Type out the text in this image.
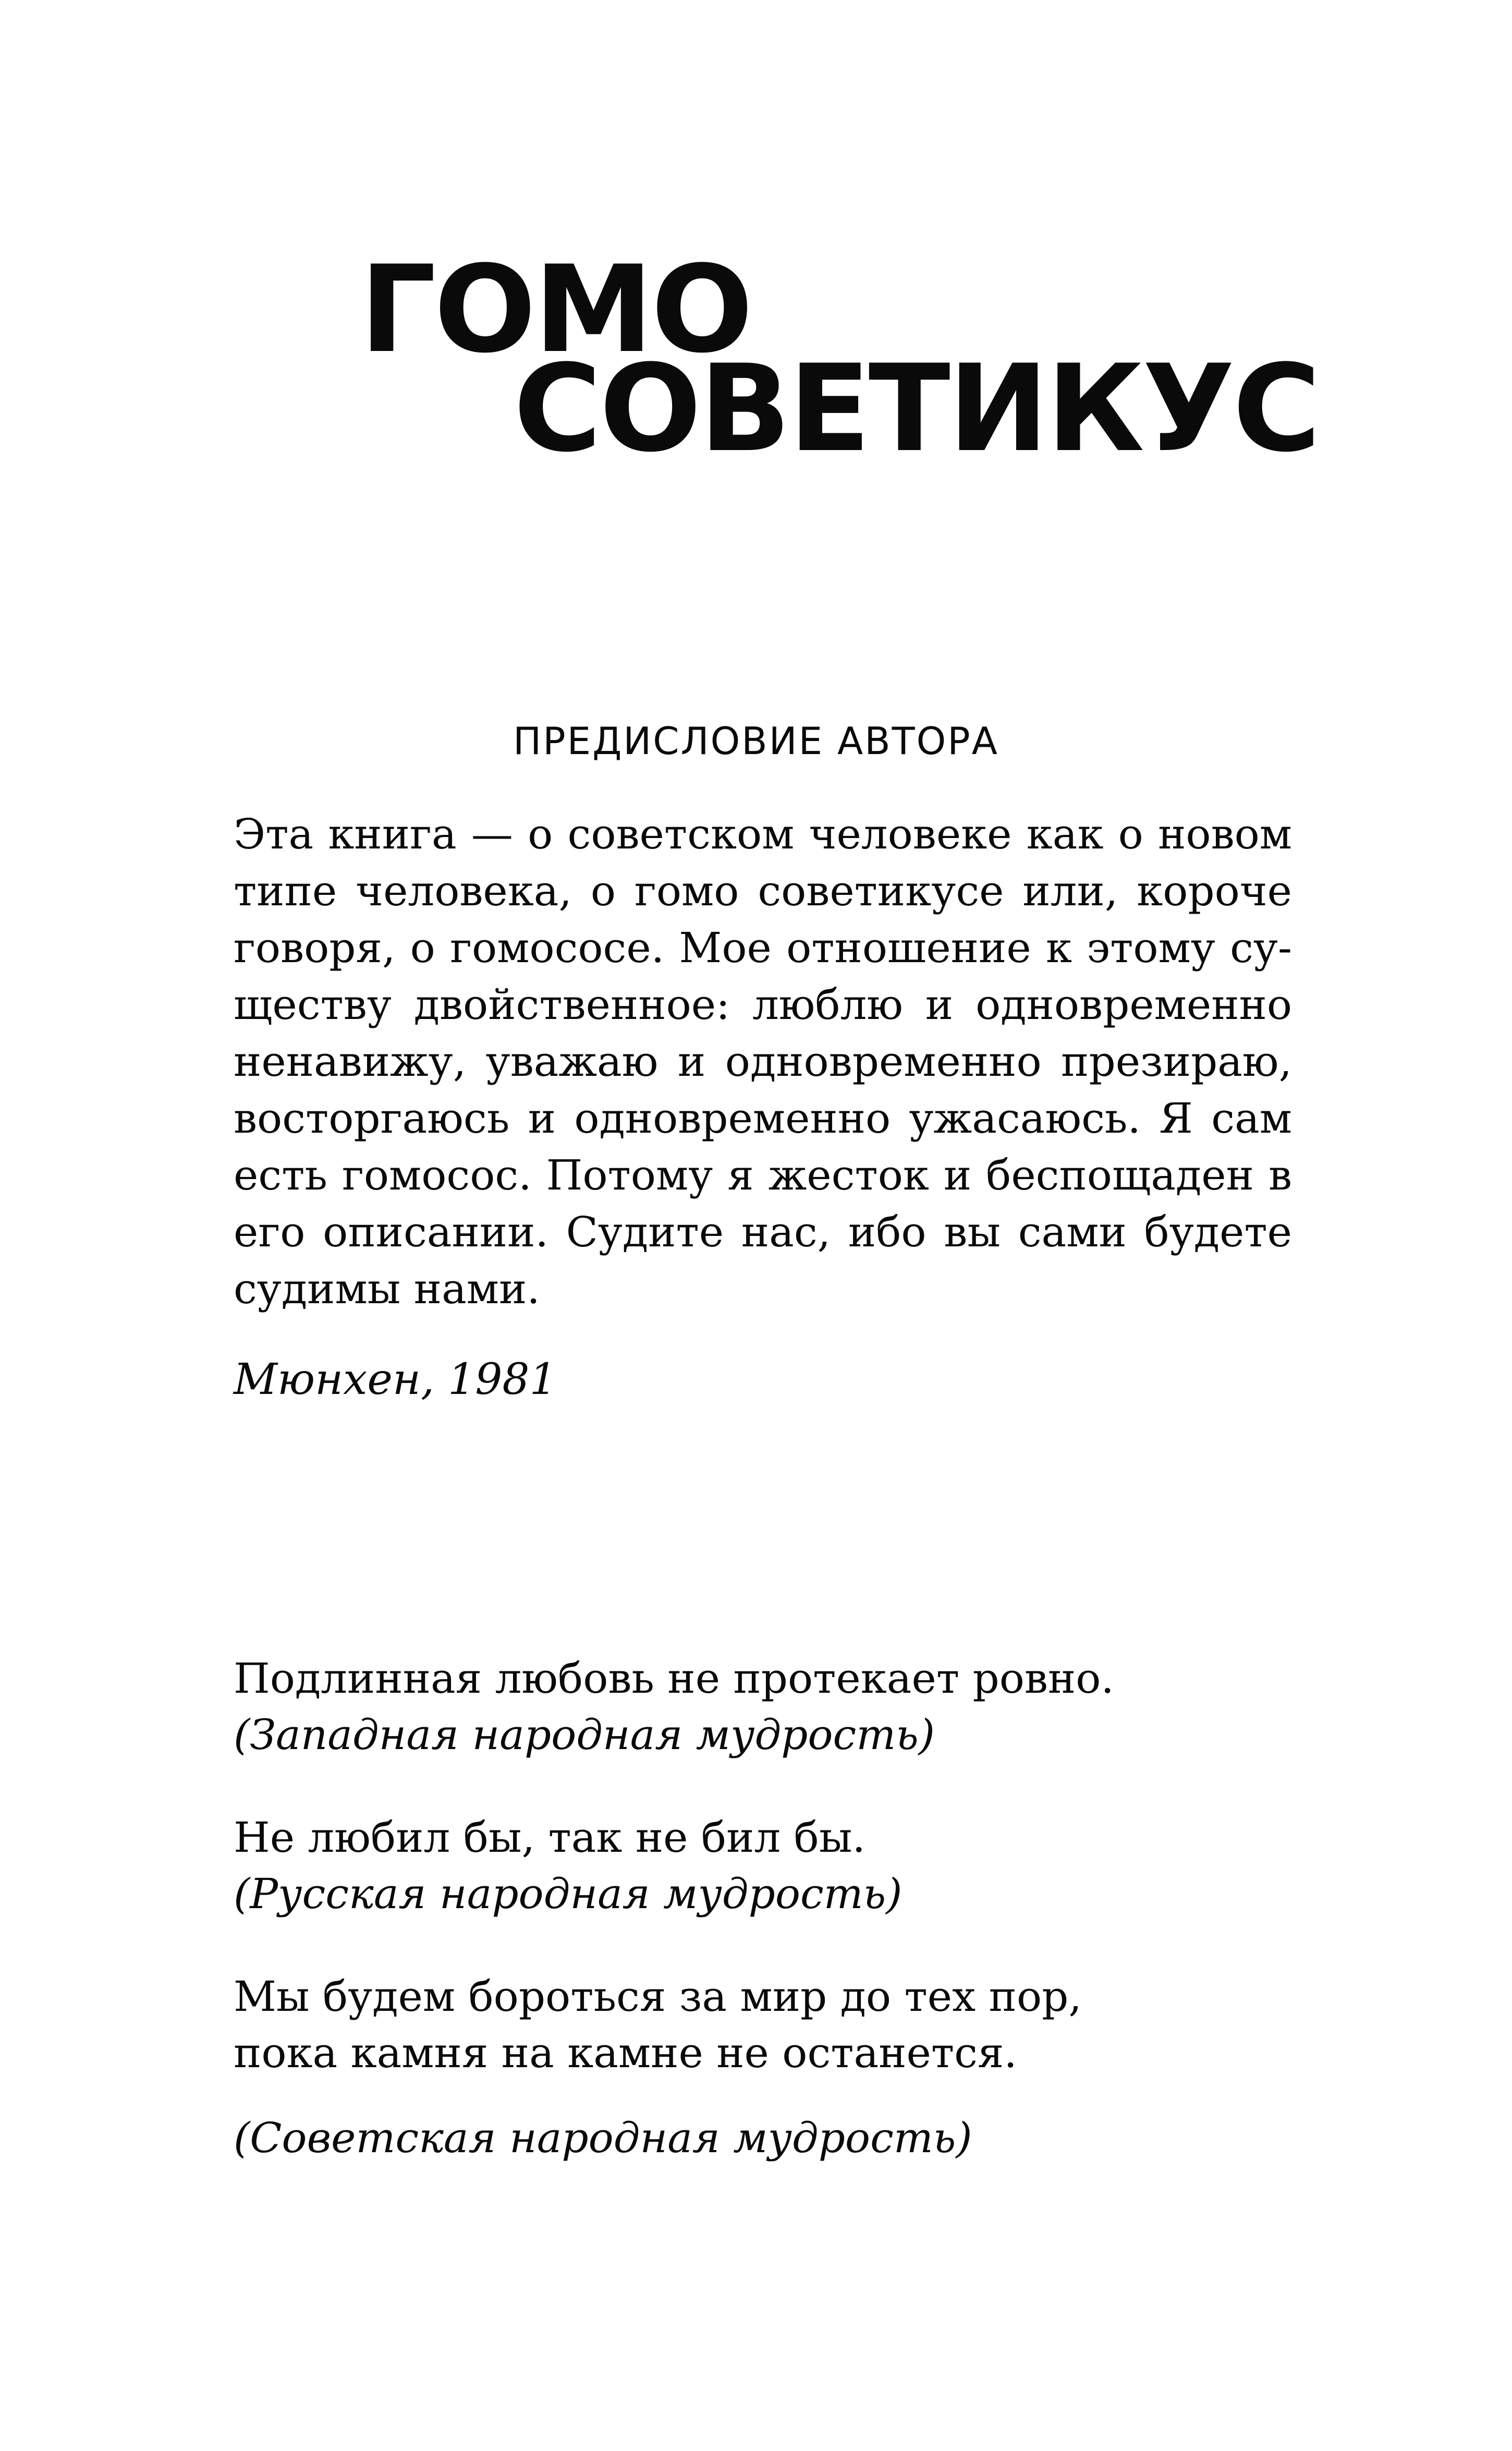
ГОМО
СОВЕТИКУС
ПРЕДИСЛОВИЕ АВТОРА
Эта книга — о советском человеке как о новом
типе человека, о гомо советикусе или, короче
говоря, о гомососе. Мое отношение к этому су-
ществу двойственное: люблю и одновременно
ненавижу, уважаю и одновременно презираю,
восторгаюсь и одновременно ужасаюсь. Я сам
есть гомосос. Потому я жесток и беспощаден в
его описании. Судите нас, ибо вы сами будете
судимы нами.

Мюнхен, 1981

Подлинная любовь не протекает ровно.
(Западная народная мудрость)
Не любил бы, так не бил бы.
(Русская народная мудрость)
Мы будем бороться за мир до тех пор,
пока камня на камне не останется.

(Советская народная мудрость)
